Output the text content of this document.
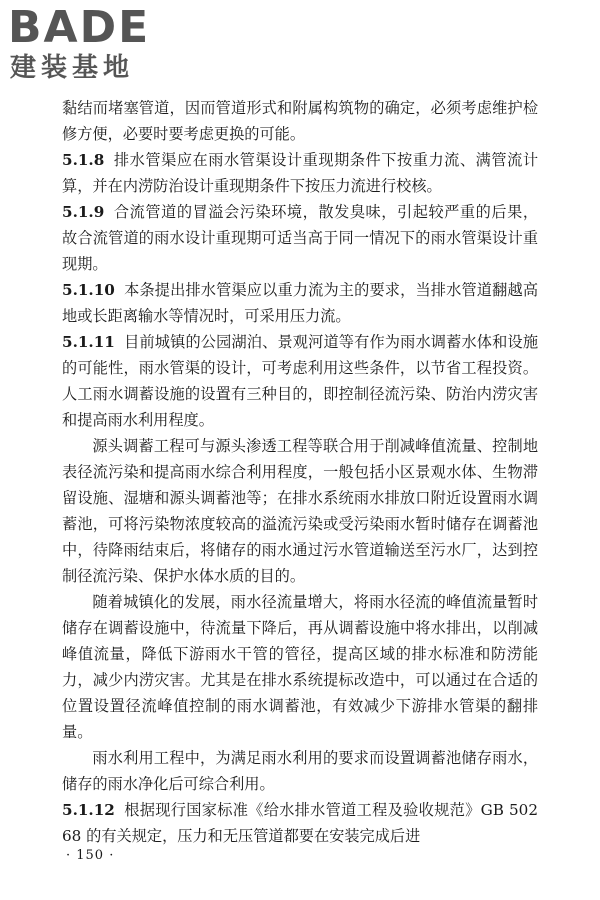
BADE
建装基地

黏结而堵塞管道，因而管道形式和附属构筑物的确定，必须考虑维护检修方便，必要时要考虑更换的可能。

5.1.8 排水管渠应在雨水管渠设计重现期条件下按重力流、满管流计算，并在内涝防治设计重现期条件下按压力流进行校核。

5.1.9 合流管道的冒溢会污染环境，散发臭味，引起较严重的后果，故合流管道的雨水设计重现期可适当高于同一情况下的雨水管渠设计重现期。

5.1.10 本条提出排水管渠应以重力流为主的要求，当排水管道翻越高地或长距离输水等情况时，可采用压力流。

5.1.11 目前城镇的公园湖泊、景观河道等有作为雨水调蓄水体和设施的可能性，雨水管渠的设计，可考虑利用这些条件，以节省工程投资。人工雨水调蓄设施的设置有三种目的，即控制径流污染、防治内涝灾害和提高雨水利用程度。

源头调蓄工程可与源头渗透工程等联合用于削减峰值流量、控制地表径流污染和提高雨水综合利用程度，一般包括小区景观水体、生物滞留设施、湿塘和源头调蓄池等；在排水系统雨水排放口附近设置雨水调蓄池，可将污染物浓度较高的溢流污染或受污染雨水暂时储存在调蓄池中，待降雨结束后，将储存的雨水通过污水管道输送至污水厂，达到控制径流污染、保护水体水质的目的。

随着城镇化的发展，雨水径流量增大，将雨水径流的峰值流量暂时储存在调蓄设施中，待流量下降后，再从调蓄设施中将水排出，以削减峰值流量，降低下游雨水干管的管径，提高区域的排水标准和防涝能力，减少内涝灾害。尤其是在排水系统提标改造中，可以通过在合适的位置设置径流峰值控制的雨水调蓄池，有效减少下游排水管渠的翻排量。

雨水利用工程中，为满足雨水利用的要求而设置调蓄池储存雨水，储存的雨水净化后可综合利用。

5.1.12 根据现行国家标准《给水排水管道工程及验收规范》GB 50268 的有关规定，压力和无压管道都要在安装完成后进

· 150 ·
